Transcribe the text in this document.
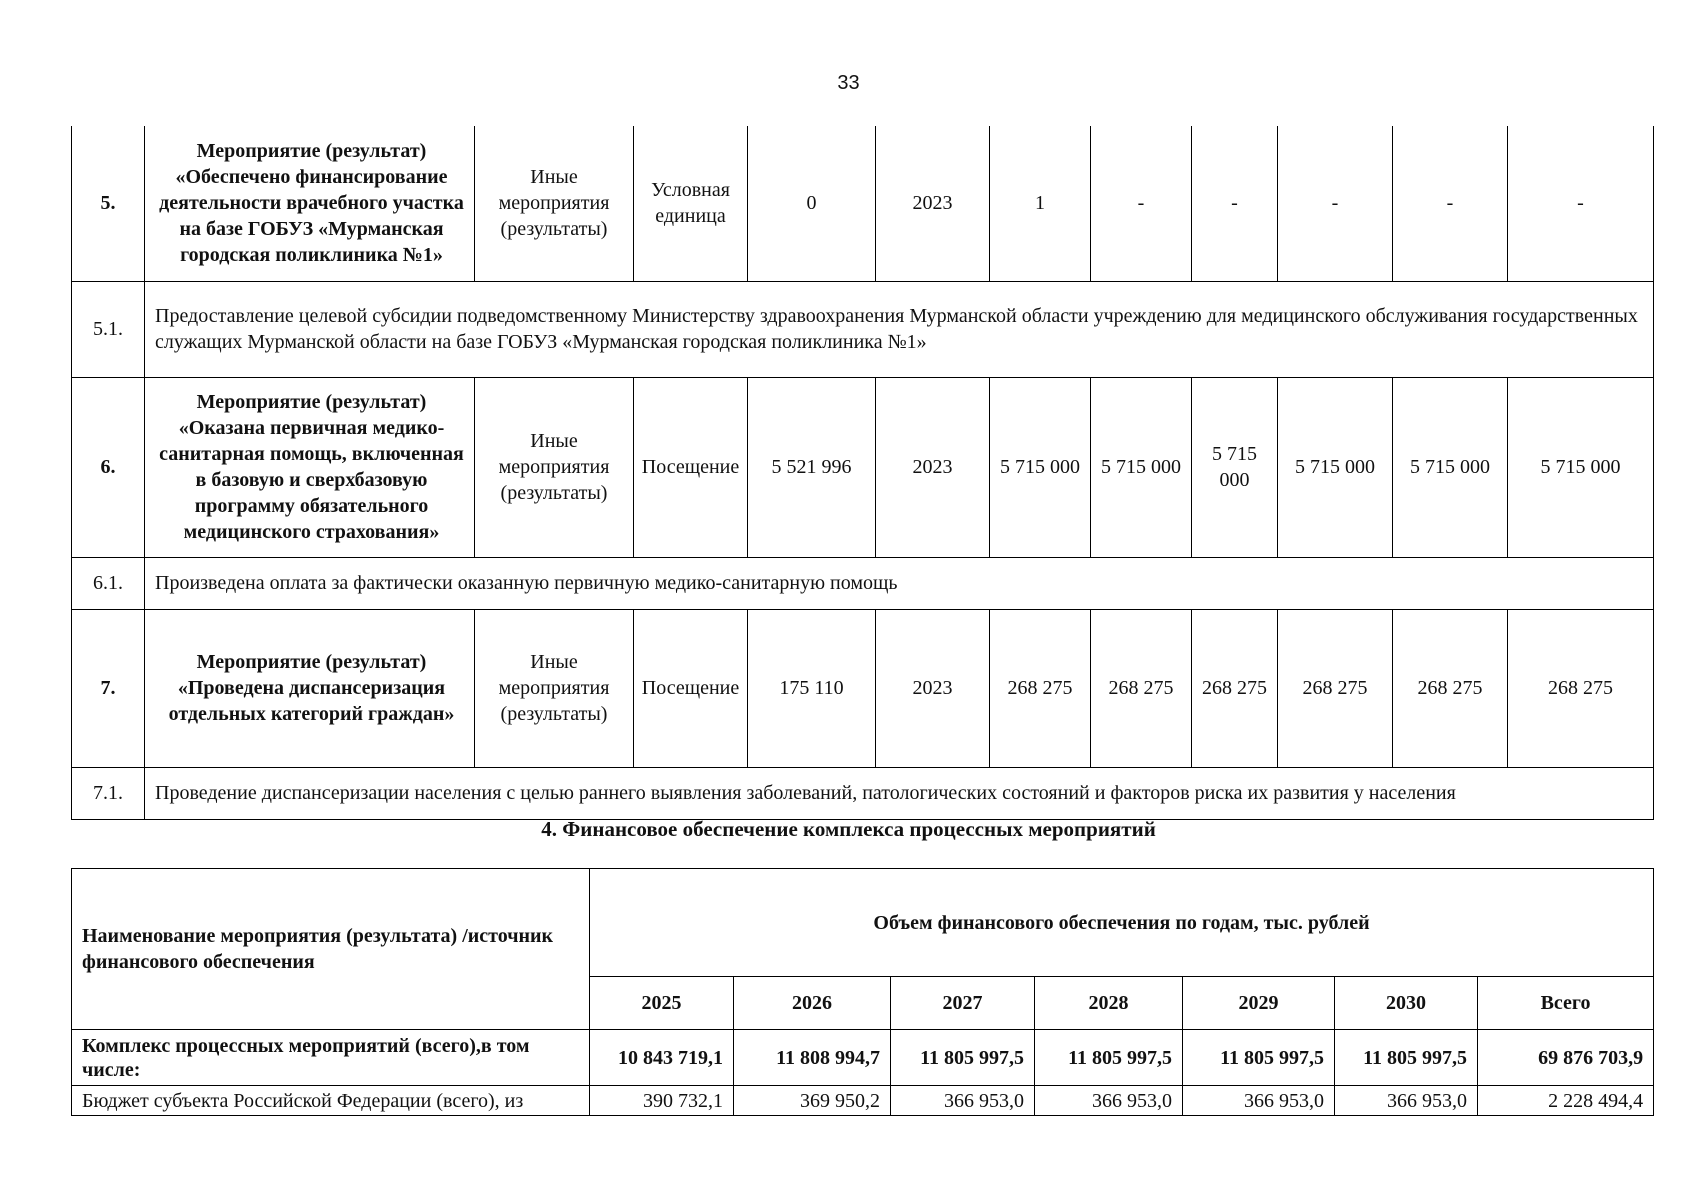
33
5.	Мероприятие (результат) «Обеспечено финансирование деятельности врачебного участка на базе ГОБУЗ «Мурманская городская поликлиника №1»	Иные мероприятия (результаты)	Условная единица	0	2023	1	-	-	-	-	-
5.1.	Предоставление целевой субсидии подведомственному Министерству здравоохранения Мурманской области учреждению для медицинского обслуживания государственных служащих Мурманской области на базе ГОБУЗ «Мурманская городская поликлиника №1»										
6.	Мероприятие (результат) «Оказана первичная медико-санитарная помощь, включенная в базовую и сверхбазовую программу обязательного медицинского страхования»	Иные мероприятия (результаты)	Посещение	5 521 996	2023	5 715 000	5 715 000	5 715 000	5 715 000	5 715 000	5 715 000
6.1.	Произведена оплата за фактически оказанную первичную медико-санитарную помощь										
7.	Мероприятие (результат) «Проведена диспансеризация отдельных категорий граждан»	Иные мероприятия (результаты)	Посещение	175 110	2023	268 275	268 275	268 275	268 275	268 275	268 275
7.1.	Проведение диспансеризации населения с целью раннего выявления заболеваний, патологических состояний и факторов риска их развития у населения										
4. Финансовое обеспечение комплекса процессных мероприятий
Наименование мероприятия (результата) /источник финансового обеспечения	Объем финансового обеспечения по годам, тыс. рублей						
	2025	2026	2027	2028	2029	2030	Всего
Комплекс процессных мероприятий (всего),в том числе:	10 843 719,1	11 808 994,7	11 805 997,5	11 805 997,5	11 805 997,5	11 805 997,5	69 876 703,9
Бюджет субъекта Российской Федерации (всего), из	390 732,1	369 950,2	366 953,0	366 953,0	366 953,0	366 953,0	2 228 494,4
